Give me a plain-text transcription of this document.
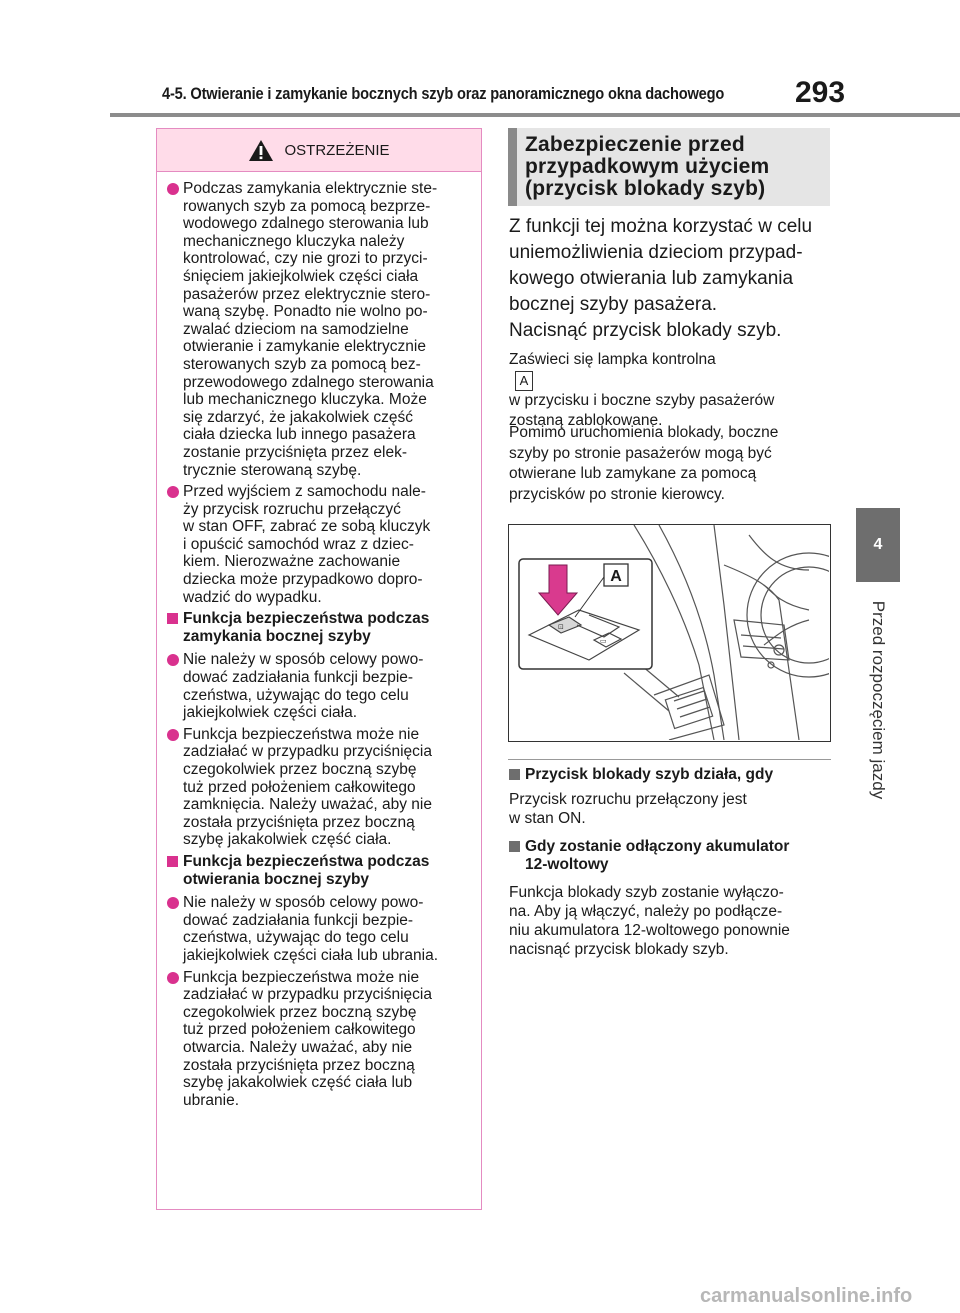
4-5. Otwieranie i zamykanie bocznych szyb oraz panoramicznego okna dachowego 293
4
Przed rozpoczęciem jazdy
OSTRZEŻENIE
Podczas zamykania elektrycznie ste-
rowanych szyb za pomocą bezprze-
wodowego zdalnego sterowania lub
mechanicznego kluczyka należy
kontrolować, czy nie grozi to przyci-
śnięciem jakiejkolwiek części ciała
pasażerów przez elektrycznie stero-
waną szybę. Ponadto nie wolno po-
zwalać dzieciom na samodzielne
otwieranie i zamykanie elektrycznie
sterowanych szyb za pomocą bez-
przewodowego zdalnego sterowania
lub mechanicznego kluczyka. Może
się zdarzyć, że jakakolwiek część
ciała dziecka lub innego pasażera
zostanie przyciśnięta przez elek-
trycznie sterowaną szybę.
Przed wyjściem z samochodu nale-
ży przycisk rozruchu przełączyć
w stan OFF, zabrać ze sobą kluczyk
i opuścić samochód wraz z dziec-
kiem. Nierozważne zachowanie
dziecka może przypadkowo dopro-
wadzić do wypadku.
Funkcja bezpieczeństwa podczas
zamykania bocznej szyby
Nie należy w sposób celowy powo-
dować zadziałania funkcji bezpie-
czeństwa, używając do tego celu
jakiejkolwiek części ciała.
Funkcja bezpieczeństwa może nie
zadziałać w przypadku przyciśnięcia
czegokolwiek przez boczną szybę
tuż przed położeniem całkowitego
zamknięcia. Należy uważać, aby nie
została przyciśnięta przez boczną
szybę jakakolwiek część ciała.
Funkcja bezpieczeństwa podczas
otwierania bocznej szyby
Nie należy w sposób celowy powo-
dować zadziałania funkcji bezpie-
czeństwa, używając do tego celu
jakiejkolwiek części ciała lub ubrania.
Funkcja bezpieczeństwa może nie
zadziałać w przypadku przyciśnięcia
czegokolwiek przez boczną szybę
tuż przed położeniem całkowitego
otwarcia. Należy uważać, aby nie
została przyciśnięta przez boczną
szybę jakakolwiek część ciała lub
ubranie.
Zabezpieczenie przed
przypadkowym użyciem
(przycisk blokady szyb)
Z funkcji tej można korzystać w celu
uniemożliwienia dzieciom przypad-
kowego otwierania lub zamykania
bocznej szyby pasażera.
Nacisnąć przycisk blokady szyb.
Zaświeci się lampka kontrolna
A
w przycisku i boczne szyby pasażerów
zostaną zablokowane.
Pomimo uruchomienia blokady, boczne
szyby po stronie pasażerów mogą być
otwierane lub zamykane za pomocą
przycisków po stronie kierowcy.
⊡
▭
A
Przycisk blokady szyb działa, gdy
Przycisk rozruchu przełączony jest
w stan ON.
Gdy zostanie odłączony akumulator
12-woltowy
Funkcja blokady szyb zostanie wyłączo-
na. Aby ją włączyć, należy po podłącze-
niu akumulatora 12-woltowego ponownie
nacisnąć przycisk blokady szyb.
carmanualsonline.info
